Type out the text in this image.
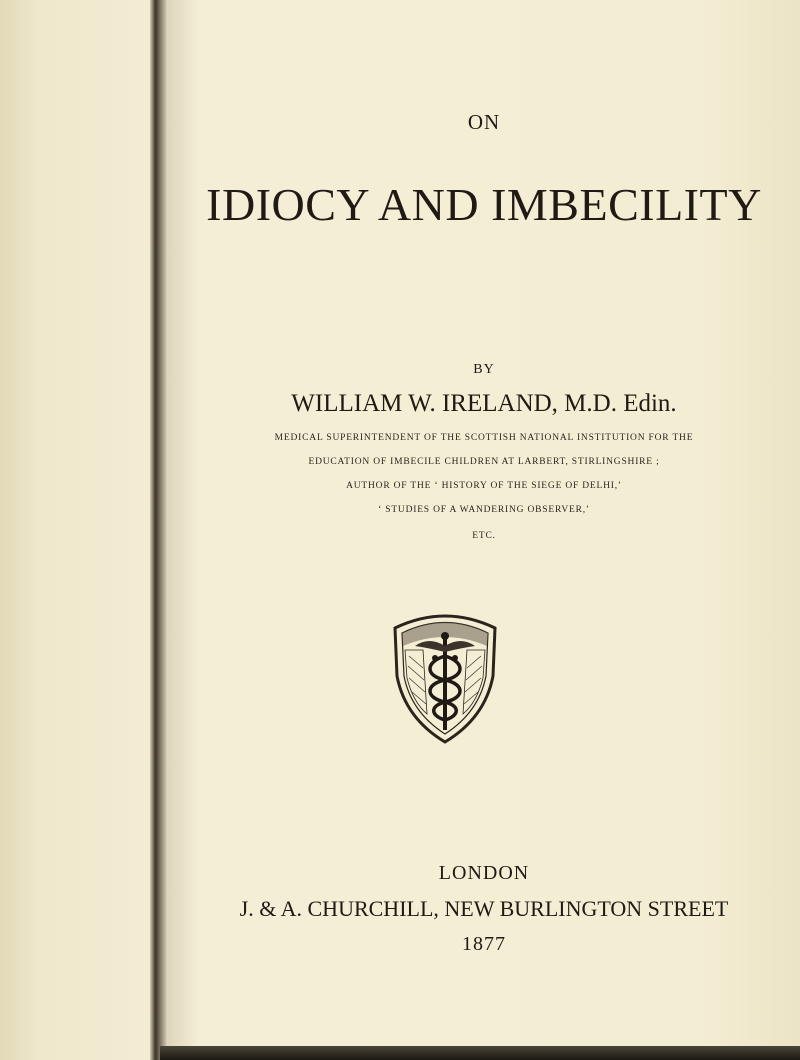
ON

IDIOCY AND IMBECILITY

BY

WILLIAM W. IRELAND, M.D. Edin.

MEDICAL SUPERINTENDENT OF THE SCOTTISH NATIONAL INSTITUTION FOR THE

EDUCATION OF IMBECILE CHILDREN AT LARBERT, STIRLINGSHIRE ;

AUTHOR OF THE ‘ HISTORY OF THE SIEGE OF DELHI,’

‘ STUDIES OF A WANDERING OBSERVER,’

ETC.

LONDON

J. & A. CHURCHILL, NEW BURLINGTON STREET

1877
